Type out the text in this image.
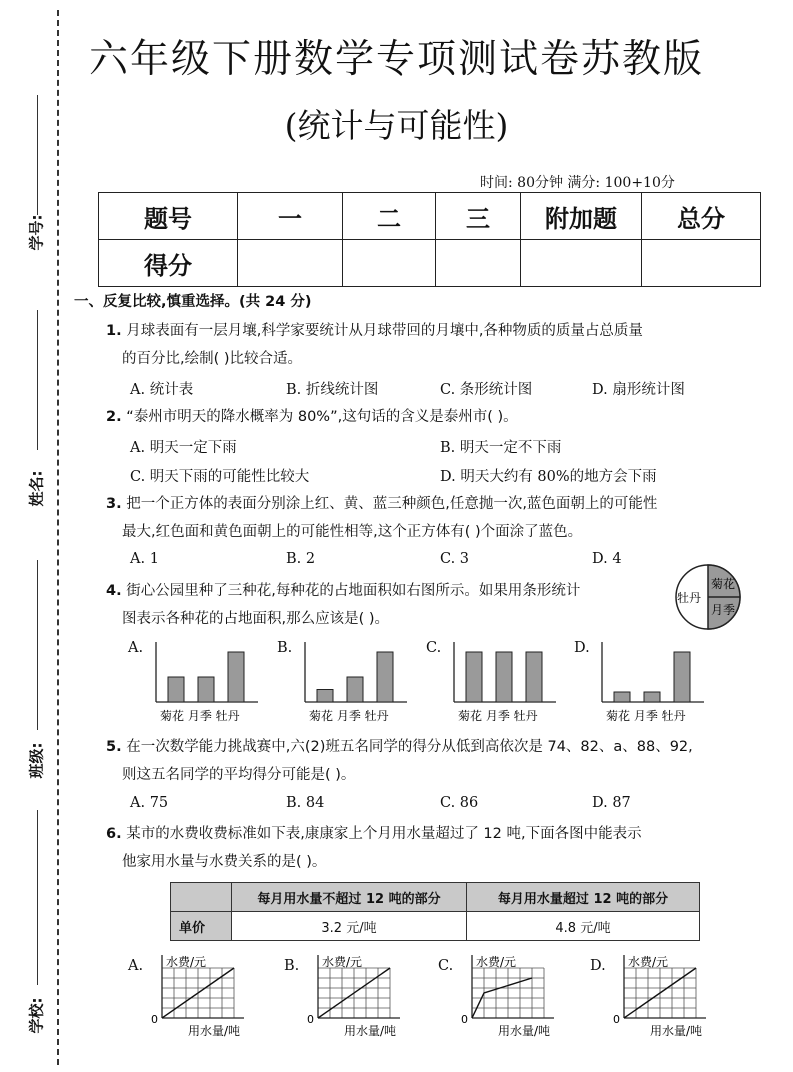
六年级下册数学专项测试卷苏教版
(统计与可能性)
时间: 80分钟 满分: 100+10分
题号	一	二	三	附加题	总分
得分					
学号:
姓名:
班级:
学校:
一、反复比较,慎重选择。(共 24 分)
1. 月球表面有一层月壤,科学家要统计从月球带回的月壤中,各种物质的质量占总质量
的百分比,绘制( )比较合适。
A. 统计表	B. 折线统计图	C. 条形统计图	D. 扇形统计图
2. “泰州市明天的降水概率为 80%”,这句话的含义是泰州市( )。
A. 明天一定下雨	B. 明天一定不下雨
C. 明天下雨的可能性比较大	D. 明天大约有 80%的地方会下雨
3. 把一个正方体的表面分别涂上红、黄、蓝三种颜色,任意抛一次,蓝色面朝上的可能性
最大,红色面和黄色面朝上的可能性相等,这个正方体有( )个面涂了蓝色。
A. 1	B. 2	C. 3	D. 4
4. 街心公园里种了三种花,每种花的占地面积如右图所示。如果用条形统计
图表示各种花的占地面积,那么应该是( )。
牡丹
菊花
月季
A.
菊花 月季 牡丹
B.
菊花 月季 牡丹
C.
菊花 月季 牡丹
D.
菊花 月季 牡丹
5. 在一次数学能力挑战赛中,六(2)班五名同学的得分从低到高依次是 74、82、a、88、92,
则这五名同学的平均得分可能是( )。
A. 75	B. 84	C. 86	D. 87
6. 某市的水费收费标准如下表,康康家上个月用水量超过了 12 吨,下面各图中能表示
他家用水量与水费关系的是( )。
	每月用水量不超过 12 吨的部分	每月用水量超过 12 吨的部分
单价	3.2 元/吨	4.8 元/吨
A. 水费/元
0
用水量/吨
B. 水费/元
0
用水量/吨
C. 水费/元
0
用水量/吨
D. 水费/元
0
用水量/吨
